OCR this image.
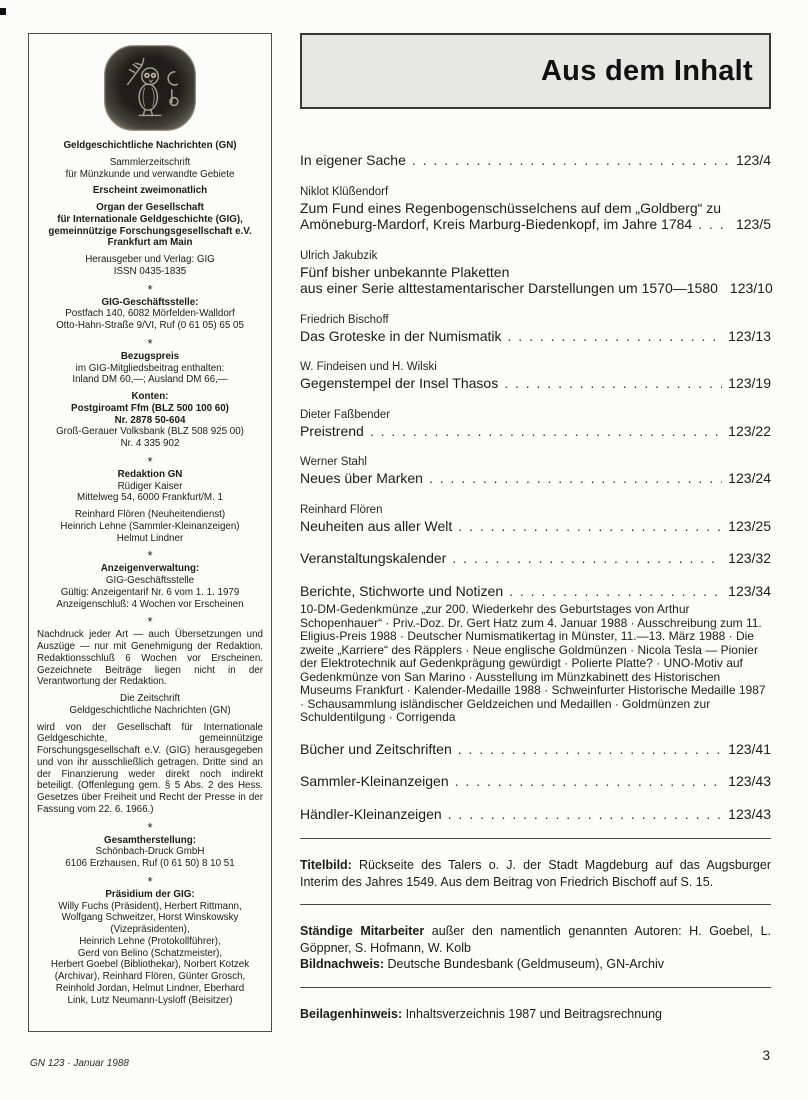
Geldgeschichtliche Nachrichten (GN)
Sammlerzeitschrift
für Münzkunde und verwandte Gebiete
Erscheint zweimonatlich
Organ der Gesellschaft
für Internationale Geldgeschichte (GIG),
gemeinnützige Forschungsgesellschaft e.V.
Frankfurt am Main
Herausgeber und Verlag: GIG
ISSN 0435-1835
*
GIG-Geschäftsstelle:
Postfach 140, 6082 Mörfelden-Walldorf
Otto-Hahn-Straße 9/VI, Ruf (0 61 05) 65 05
*
Bezugspreis
im GIG-Mitgliedsbeitrag enthalten:
Inland DM 60,—; Ausland DM 66,—
Konten:
Postgiroamt Ffm (BLZ 500 100 60)
Nr. 2878 50-604
Groß-Gerauer Volksbank (BLZ 508 925 00)
Nr. 4 335 902
*
Redaktion GN
Rüdiger Kaiser
Mittelweg 54, 6000 Frankfurt/M. 1
Reinhard Flören (Neuheitendienst)
Heinrich Lehne (Sammler-Kleinanzeigen)
Helmut Lindner
*
Anzeigenverwaltung:
GIG-Geschäftsstelle
Gültig: Anzeigentarif Nr. 6 vom 1. 1. 1979
Anzeigenschluß: 4 Wochen vor Erscheinen
*
Nachdruck jeder Art — auch Übersetzungen und Auszüge — nur mit Genehmigung der Redaktion. Redaktionsschluß 6 Wochen vor Erscheinen. Gezeichnete Beiträge liegen nicht in der Verantwortung der Redaktion.
Die Zeitschrift
Geldgeschichtliche Nachrichten (GN)
wird von der Gesellschaft für Internationale Geldgeschichte, gemeinnützige Forschungsgesellschaft e.V. (GIG) herausgegeben und von ihr ausschließlich getragen. Dritte sind an der Finanzierung weder direkt noch indirekt beteiligt. (Offenlegung gem. § 5 Abs. 2 des Hess. Gesetzes über Freiheit und Recht der Presse in der Fassung vom 22. 6. 1966.)
*
Gesamtherstellung:
Schönbach-Druck GmbH
6106 Erzhausen, Ruf (0 61 50) 8 10 51
*
Präsidium der GIG:
Willy Fuchs (Präsident), Herbert Rittmann,
Wolfgang Schweitzer, Horst Winskowsky
(Vizepräsidenten),
Heinrich Lehne (Protokollführer),
Gerd von Belino (Schatzmeister),
Herbert Goebel (Bibliothekar), Norbert Kotzek
(Archivar), Reinhard Flören, Günter Grosch,
Reinhold Jordan, Helmut Lindner, Eberhard
Link, Lutz Neumann-Lysloff (Beisitzer)
GN 123 · Januar 1988
Aus dem Inhalt
In eigener Sache . . .	123/4
Niklot Klüßendorf
Zum Fund eines Regenbogenschüsselchens auf dem „Goldberg“ zu
Amöneburg-Mardorf, Kreis Marburg-Biedenkopf, im Jahre 1784 . . .	123/5
Ulrich Jakubzik
Fünf bisher unbekannte Plaketten
aus einer Serie alttestamentarischer Darstellungen um 1570—1580 123/10
Friedrich Bischoff
Das Groteske in der Numismatik . . .	123/13
W. Findeisen und H. Wilski
Gegenstempel der Insel Thasos . . .	123/19
Dieter Faßbender
Preistrend . . .	123/22
Werner Stahl
Neues über Marken . . .	123/24
Reinhard Flören
Neuheiten aus aller Welt . . .	123/25
Veranstaltungskalender . . .	123/32
Berichte, Stichworte und Notizen . . .	123/34
10-DM-Gedenkmünze „zur 200. Wiederkehr des Geburtstages von Arthur Schopenhauer“ · Priv.-Doz. Dr. Gert Hatz zum 4. Januar 1988 · Ausschreibung zum 11. Eligius-Preis 1988 · Deutscher Numismatikertag in Münster, 11.—13. März 1988 · Die zweite „Karriere“ des Räpplers · Neue englische Goldmünzen · Nicola Tesla — Pionier der Elektrotechnik auf Gedenkprägung gewürdigt · Polierte Platte? · UNO-Motiv auf Gedenkmünze von San Marino · Ausstellung im Münzkabinett des Historischen Museums Frankfurt · Kalender-Medaille 1988 · Schweinfurter Historische Medaille 1987 · Schausammlung isländischer Geldzeichen und Medaillen · Goldmünzen zur Schuldentilgung · Corrigenda
Bücher und Zeitschriften . . .	123/41
Sammler-Kleinanzeigen . . .	123/43
Händler-Kleinanzeigen . . .	123/43

Titelbild: Rückseite des Talers o. J. der Stadt Magdeburg auf das Augsburger Interim des Jahres 1549. Aus dem Beitrag von Friedrich Bischoff auf S. 15.

Ständige Mitarbeiter außer den namentlich genannten Autoren: H. Goebel, L. Göppner, S. Hofmann, W. Kolb

Bildnachweis: Deutsche Bundesbank (Geldmuseum), GN-Archiv

Beilagenhinweis: Inhaltsverzeichnis 1987 und Beitragsrechnung

3
